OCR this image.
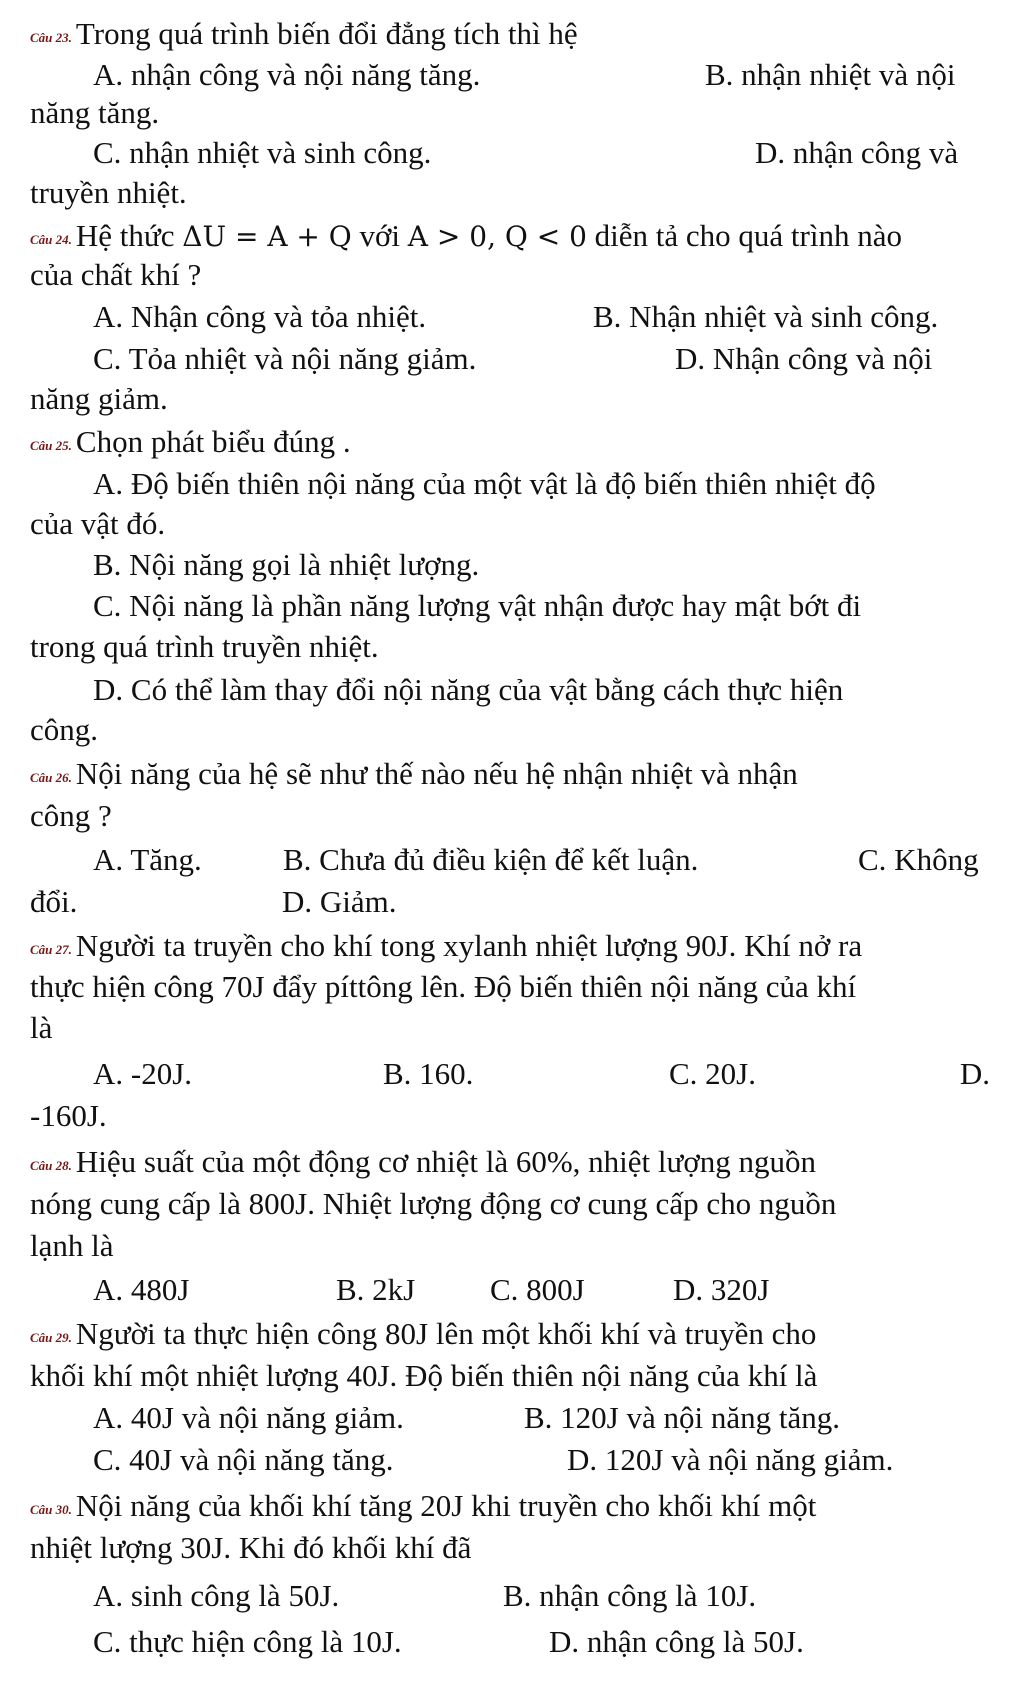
Câu 23. Trong quá trình biến đổi đẳng tích thì hệ
A. nhận công và nội năng tăng.	B. nhận nhiệt và nội
năng tăng.
C. nhận nhiệt và sinh công.	D. nhận công và
truyền nhiệt.
Câu 24. Hệ thức ΔU = A + Q với A > 0, Q < 0 diễn tả cho quá trình nào
của chất khí ?
A. Nhận công và tỏa nhiệt.	B. Nhận nhiệt và sinh công.
C. Tỏa nhiệt và nội năng giảm.	D. Nhận công và nội
năng giảm.
Câu 25. Chọn phát biểu đúng .
A. Độ biến thiên nội năng của một vật là độ biến thiên nhiệt độ
của vật đó.
B. Nội năng gọi là nhiệt lượng.
C. Nội năng là phần năng lượng vật nhận được hay mật bớt đi
trong quá trình truyền nhiệt.
D. Có thể làm thay đổi nội năng của vật bằng cách thực hiện
công.
Câu 26. Nội năng của hệ sẽ như thế nào nếu hệ nhận nhiệt và nhận
công ?
A. Tăng.	B. Chưa đủ điều kiện để kết luận.	C. Không
đổi.	D. Giảm.
Câu 27. Người ta truyền cho khí tong xylanh nhiệt lượng 90J. Khí nở ra
thực hiện công 70J đẩy píttông lên. Độ biến thiên nội năng của khí
là
A. -20J.	B. 160.	C. 20J.	D.
-160J.
Câu 28. Hiệu suất của một động cơ nhiệt là 60%, nhiệt lượng nguồn
nóng cung cấp là 800J. Nhiệt lượng động cơ cung cấp cho nguồn
lạnh là
A. 480J	B. 2kJ C. 800J	D. 320J
Câu 29. Người ta thực hiện công 80J lên một khối khí và truyền cho
khối khí một nhiệt lượng 40J. Độ biến thiên nội năng của khí là
A. 40J và nội năng giảm.	B. 120J và nội năng tăng.
C. 40J và nội năng tăng.	D. 120J và nội năng giảm.
Câu 30. Nội năng của khối khí tăng 20J khi truyền cho khối khí một
nhiệt lượng 30J. Khi đó khối khí đã
A. sinh công là 50J.	B. nhận công là 10J.
C. thực hiện công là 10J.	D. nhận công là 50J.
